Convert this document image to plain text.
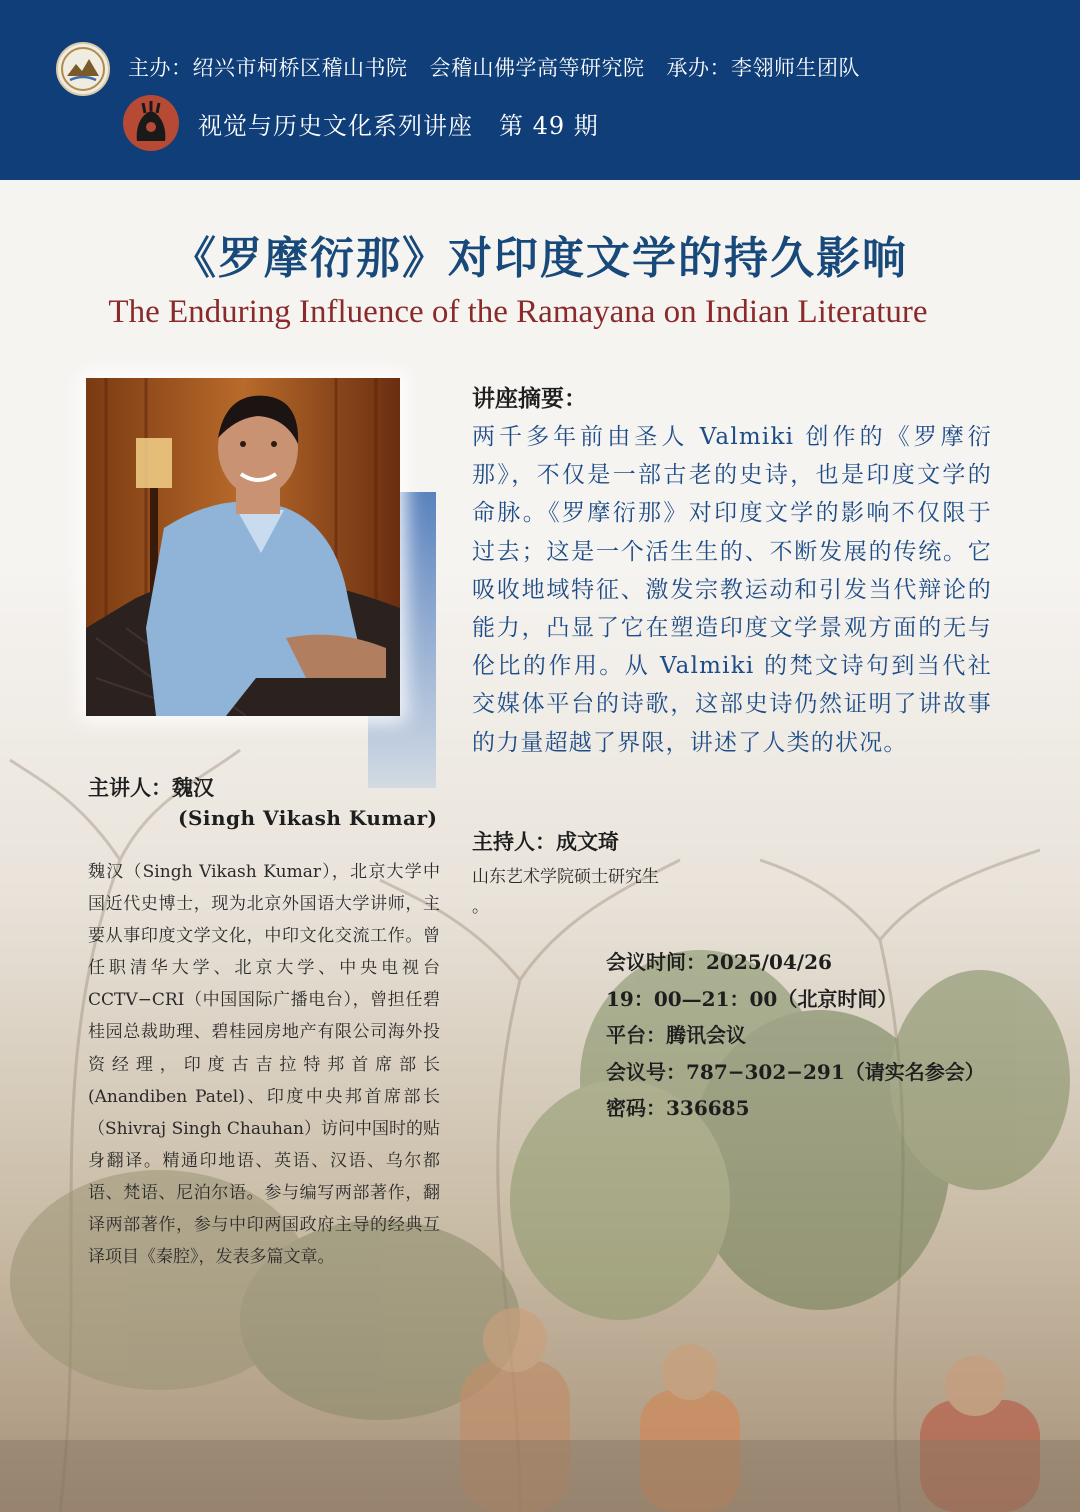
主办：绍兴市柯桥区稽山书院 会稽山佛学高等研究院 承办：李翎师生团队
视觉与历史文化系列讲座 第 49 期
《罗摩衍那》对印度文学的持久影响
The Enduring Influence of the Ramayana on Indian Literature
讲座摘要：
两千多年前由圣人 Valmiki 创作的《罗摩衍那》，不仅是一部古老的史诗，也是印度文学的命脉。《罗摩衍那》对印度文学的影响不仅限于过去；这是一个活生生的、不断发展的传统。它吸收地域特征、激发宗教运动和引发当代辩论的能力，凸显了它在塑造印度文学景观方面的无与伦比的作用。从 Valmiki 的梵文诗句到当代社交媒体平台的诗歌，这部史诗仍然证明了讲故事的力量超越了界限，讲述了人类的状况。
主讲人：魏汉
(Singh Vikash Kumar)
魏汉（Singh Vikash Kumar），北京大学中国近代史博士，现为北京外国语大学讲师，主要从事印度文学文化，中印文化交流工作。曾任职清华大学、北京大学、中央电视台 CCTV−CRI（中国国际广播电台），曾担任碧桂园总裁助理、碧桂园房地产有限公司海外投资经理，印度古吉拉特邦首席部长(Anandiben Patel)、印度中央邦首席部长（Shivraj Singh Chauhan）访问中国时的贴身翻译。精通印地语、英语、汉语、乌尔都语、梵语、尼泊尔语。参与编写两部著作，翻译两部著作，参与中印两国政府主导的经典互译项目《秦腔》，发表多篇文章。
主持人：成文琦
山东艺术学院硕士研究生
。
会议时间：2025/04/26
19：00—21：00（北京时间）
平台：腾讯会议
会议号：787−302−291（请实名参会）
密码：336685
